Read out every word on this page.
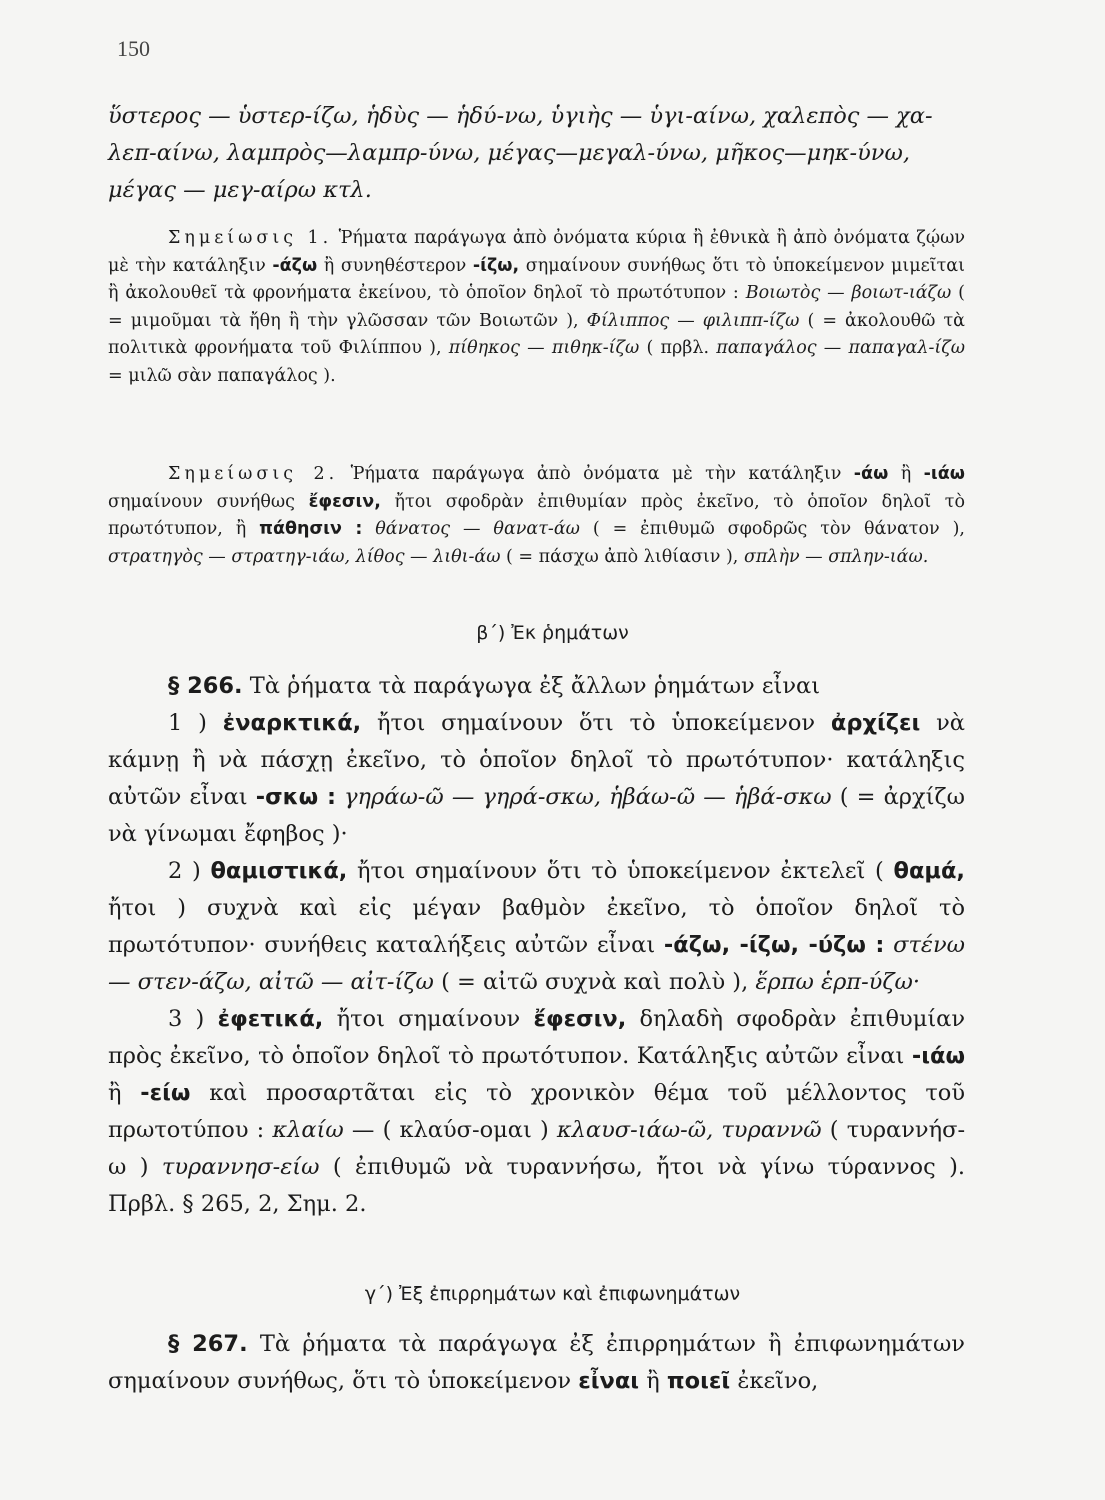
150

ὕστερος — ὑστερ-ίζω, ἡδὺς — ἡδύ-νω, ὑγιὴς — ὑγι-αίνω, χαλεπὸς — χα-

λεπ-αίνω, λαμπρὸς—λαμπρ-ύνω, μέγας—μεγαλ-ύνω, μῆκος—μηκ-ύνω,

μέγας — μεγ-αίρω κτλ.

Σημείωσις 1. Ῥήματα παράγωγα ἀπὸ ὀνόματα κύρια ἢ ἐθνικὰ ἢ ἀπὸ ὀνόματα ζῴων μὲ τὴν κατάληξιν -άζω ἢ συνηθέστερον -ίζω, σημαίνουν συνήθως ὅτι τὸ ὑποκείμενον μιμεῖται ἢ ἀκολουθεῖ τὰ φρονήματα ἐκείνου, τὸ ὁποῖον δηλοῖ τὸ πρωτότυπον : Βοιωτὸς — βοιωτ-ιάζω ( = μιμοῦμαι τὰ ἤθη ἢ τὴν γλῶσσαν τῶν Βοιωτῶν ), Φίλιππος — φιλιππ-ίζω ( = ἀκολουθῶ τὰ πολιτικὰ φρονήματα τοῦ Φιλίππου ), πίθηκος — πιθηκ-ίζω ( πρβλ. παπαγάλος — παπαγαλ-ίζω = μιλῶ σὰν παπαγάλος ).

Σημείωσις 2. Ῥήματα παράγωγα ἀπὸ ὀνόματα μὲ τὴν κατάληξιν -άω ἢ -ιάω σημαίνουν συνήθως ἔφεσιν, ἤτοι σφοδρὰν ἐπιθυμίαν πρὸς ἐκεῖνο, τὸ ὁποῖον δηλοῖ τὸ πρωτότυπον, ἢ πάθησιν : θάνατος — θανατ-άω ( = ἐπιθυμῶ σφοδρῶς τὸν θάνατον ), στρατηγὸς — στρατηγ-ιάω, λίθος — λιθι-άω ( = πάσχω ἀπὸ λιθίασιν ), σπλὴν — σπλην-ιάω.

β΄) Ἐκ ῥημάτων

§ 266. Τὰ ῥήματα τὰ παράγωγα ἐξ ἄλλων ῥημάτων εἶναι

1 ) ἐναρκτικά, ἤτοι σημαίνουν ὅτι τὸ ὑποκείμενον ἀρχίζει νὰ κάμνῃ ἢ νὰ πάσχῃ ἐκεῖνο, τὸ ὁποῖον δηλοῖ τὸ πρωτότυπον· κατάληξις αὐτῶν εἶναι -σκω : γηράω-ῶ — γηρά-σκω, ἡβάω-ῶ — ἡβά-σκω ( = ἀρχίζω νὰ γίνωμαι ἔφηβος )·

2 ) θαμιστικά, ἤτοι σημαίνουν ὅτι τὸ ὑποκείμενον ἐκτελεῖ ( θαμά, ἤτοι ) συχνὰ καὶ εἰς μέγαν βαθμὸν ἐκεῖνο, τὸ ὁποῖον δηλοῖ τὸ πρωτότυπον· συνήθεις καταλήξεις αὐτῶν εἶναι -άζω, -ίζω, -ύζω : στένω — στεν-άζω, αἰτῶ — αἰτ-ίζω ( = αἰτῶ συχνὰ καὶ πολὺ ), ἕρπω ἑρπ-ύζω·

3 ) ἐφετικά, ἤτοι σημαίνουν ἔφεσιν, δηλαδὴ σφοδρὰν ἐπιθυμίαν πρὸς ἐκεῖνο, τὸ ὁποῖον δηλοῖ τὸ πρωτότυπον. Κατάληξις αὐτῶν εἶναι -ιάω ἢ -είω καὶ προσαρτᾶται εἰς τὸ χρονικὸν θέμα τοῦ μέλλοντος τοῦ πρωτοτύπου : κλαίω — ( κλαύσ-ομαι ) κλαυσ-ιάω-ῶ, τυραννῶ ( τυραννήσ-ω ) τυραννησ-είω ( ἐπιθυμῶ νὰ τυραννήσω, ἤτοι νὰ γίνω τύραννος ). Πρβλ. § 265, 2, Σημ. 2.

γ΄) Ἐξ ἐπιρρημάτων καὶ ἐπιφωνημάτων

§ 267. Τὰ ῥήματα τὰ παράγωγα ἐξ ἐπιρρημάτων ἢ ἐπιφωνημάτων σημαίνουν συνήθως, ὅτι τὸ ὑποκείμενον εἶναι ἢ ποιεῖ ἐκεῖνο,
